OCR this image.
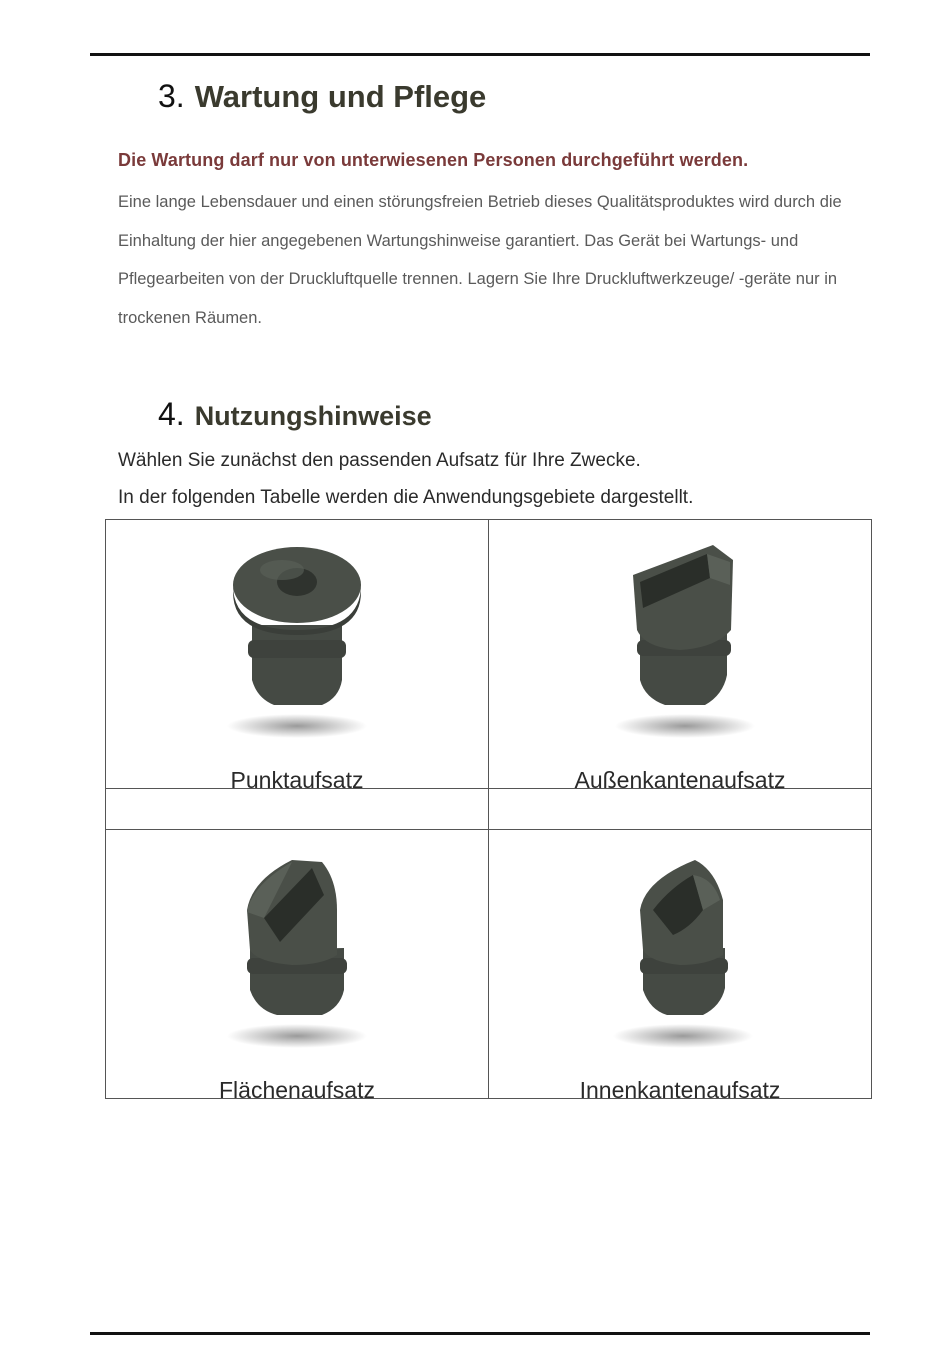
3 . Wartung und Pflege
Die Wartung darf nur von unterwiesenen Personen durchgeführt werden.

Eine lange Lebensdauer und einen störungsfreien Betrieb dieses Qualitätsproduktes wird durch die Einhaltung der hier angegebenen Wartungshinweise garantiert. Das Gerät bei Wartungs- und Pflegearbeiten von der Druckluftquelle trennen. Lagern Sie Ihre Druckluftwerkzeuge/ -geräte nur in trockenen Räumen.

4 . Nutzungshinweise

Wählen Sie zunächst den passenden Aufsatz für Ihre Zwecke.

In der folgenden Tabelle werden die Anwendungsgebiete dargestellt.

Punktaufsatz	Außenkantenaufsatz

Flächenaufsatz	Innenkantenaufsatz
